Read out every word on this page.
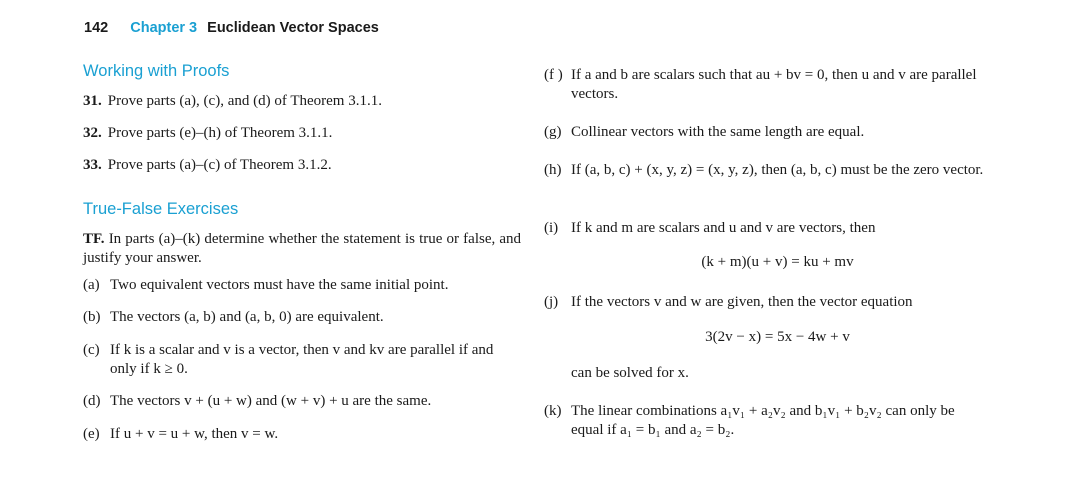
142 Chapter 3 Euclidean Vector Spaces
Working with Proofs
31. Prove parts (a), (c), and (d) of Theorem 3.1.1.
32. Prove parts (e)–(h) of Theorem 3.1.1.
33. Prove parts (a)–(c) of Theorem 3.1.2.
True-False Exercises
TF. In parts (a)–(k) determine whether the statement is true or false, and justify your answer.
(a) Two equivalent vectors must have the same initial point.
(b) The vectors (a, b) and (a, b, 0) are equivalent.
(c) If k is a scalar and v is a vector, then v and kv are parallel if and only if k ≥ 0.
(d) The vectors v + (u + w) and (w + v) + u are the same.
(e) If u + v = u + w, then v = w.
(f ) If a and b are scalars such that au + bv = 0, then u and v are parallel vectors.
(g) Collinear vectors with the same length are equal.
(h) If (a, b, c) + (x, y, z) = (x, y, z), then (a, b, c) must be the zero vector.
(i) If k and m are scalars and u and v are vectors, then
(k + m)(u + v) = ku + mv
(j) If the vectors v and w are given, then the vector equation
3(2v − x) = 5x − 4w + v
can be solved for x.
(k) The linear combinations a₁v₁ + a₂v₂ and b₁v₁ + b₂v₂ can only be equal if a₁ = b₁ and a₂ = b₂.
